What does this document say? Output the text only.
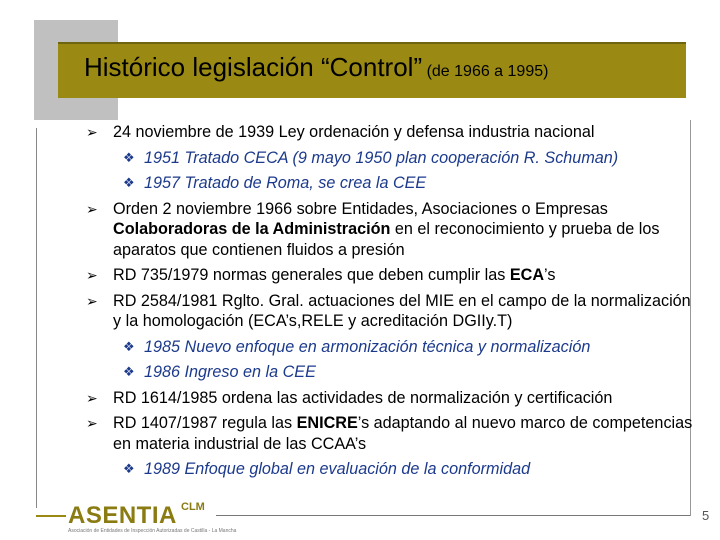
Histórico legislación “Control” (de 1966 a 1995)
➢ 24 noviembre de 1939 Ley ordenación y defensa industria nacional
❖ 1951 Tratado CECA (9 mayo 1950 plan cooperación R. Schuman)
❖ 1957 Tratado de Roma, se crea la CEE
➢ Orden 2 noviembre 1966 sobre Entidades, Asociaciones o Empresas Colaboradoras de la Administración en el reconocimiento y prueba de los aparatos que contienen fluidos a presión
➢ RD 735/1979 normas generales que deben cumplir las ECA’s
➢ RD 2584/1981 Rglto. Gral. actuaciones del MIE en el campo de la normalización y la homologación (ECA’s,RELE y acreditación DGIIy.T)
❖ 1985 Nuevo enfoque en armonización técnica y normalización
❖ 1986 Ingreso en la CEE
➢ RD 1614/1985 ordena las actividades de normalización y certificación
➢ RD 1407/1987 regula las ENICRE’s adaptando al nuevo marco de competencias en materia industrial de las CCAA’s
❖ 1989 Enfoque global en evaluación de la conformidad
ASENTIA CLM
Asociación de Entidades de Inspección Autorizadas de Castilla - La Mancha
5
